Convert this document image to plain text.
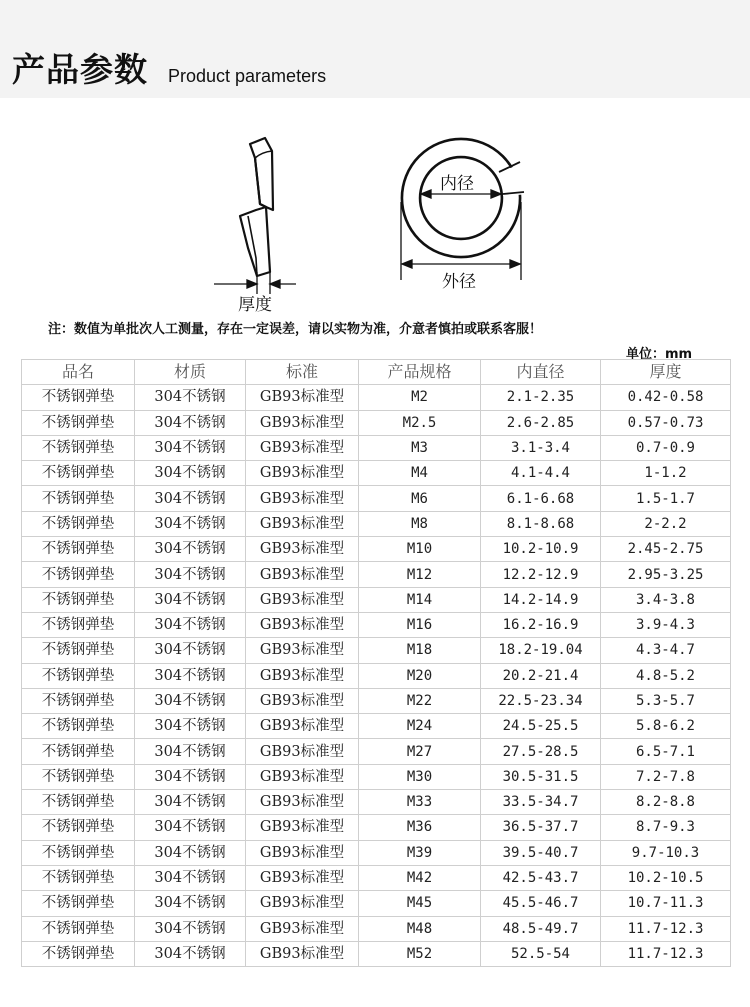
产品参数 Product parameters
厚度
内径
外径
注：数值为单批次人工测量，存在一定误差，请以实物为准，介意者慎拍或联系客服！
单位：mm
品名	材质	标准	产品规格	内直径	厚度
不锈钢弹垫	304不锈钢	GB93标准型	M2	2.1-2.35	0.42-0.58
不锈钢弹垫	304不锈钢	GB93标准型	M2.5	2.6-2.85	0.57-0.73
不锈钢弹垫	304不锈钢	GB93标准型	M3	3.1-3.4	0.7-0.9
不锈钢弹垫	304不锈钢	GB93标准型	M4	4.1-4.4	1-1.2
不锈钢弹垫	304不锈钢	GB93标准型	M6	6.1-6.68	1.5-1.7
不锈钢弹垫	304不锈钢	GB93标准型	M8	8.1-8.68	2-2.2
不锈钢弹垫	304不锈钢	GB93标准型	M10	10.2-10.9	2.45-2.75
不锈钢弹垫	304不锈钢	GB93标准型	M12	12.2-12.9	2.95-3.25
不锈钢弹垫	304不锈钢	GB93标准型	M14	14.2-14.9	3.4-3.8
不锈钢弹垫	304不锈钢	GB93标准型	M16	16.2-16.9	3.9-4.3
不锈钢弹垫	304不锈钢	GB93标准型	M18	18.2-19.04	4.3-4.7
不锈钢弹垫	304不锈钢	GB93标准型	M20	20.2-21.4	4.8-5.2
不锈钢弹垫	304不锈钢	GB93标准型	M22	22.5-23.34	5.3-5.7
不锈钢弹垫	304不锈钢	GB93标准型	M24	24.5-25.5	5.8-6.2
不锈钢弹垫	304不锈钢	GB93标准型	M27	27.5-28.5	6.5-7.1
不锈钢弹垫	304不锈钢	GB93标准型	M30	30.5-31.5	7.2-7.8
不锈钢弹垫	304不锈钢	GB93标准型	M33	33.5-34.7	8.2-8.8
不锈钢弹垫	304不锈钢	GB93标准型	M36	36.5-37.7	8.7-9.3
不锈钢弹垫	304不锈钢	GB93标准型	M39	39.5-40.7	9.7-10.3
不锈钢弹垫	304不锈钢	GB93标准型	M42	42.5-43.7	10.2-10.5
不锈钢弹垫	304不锈钢	GB93标准型	M45	45.5-46.7	10.7-11.3
不锈钢弹垫	304不锈钢	GB93标准型	M48	48.5-49.7	11.7-12.3
不锈钢弹垫	304不锈钢	GB93标准型	M52	52.5-54	11.7-12.3
